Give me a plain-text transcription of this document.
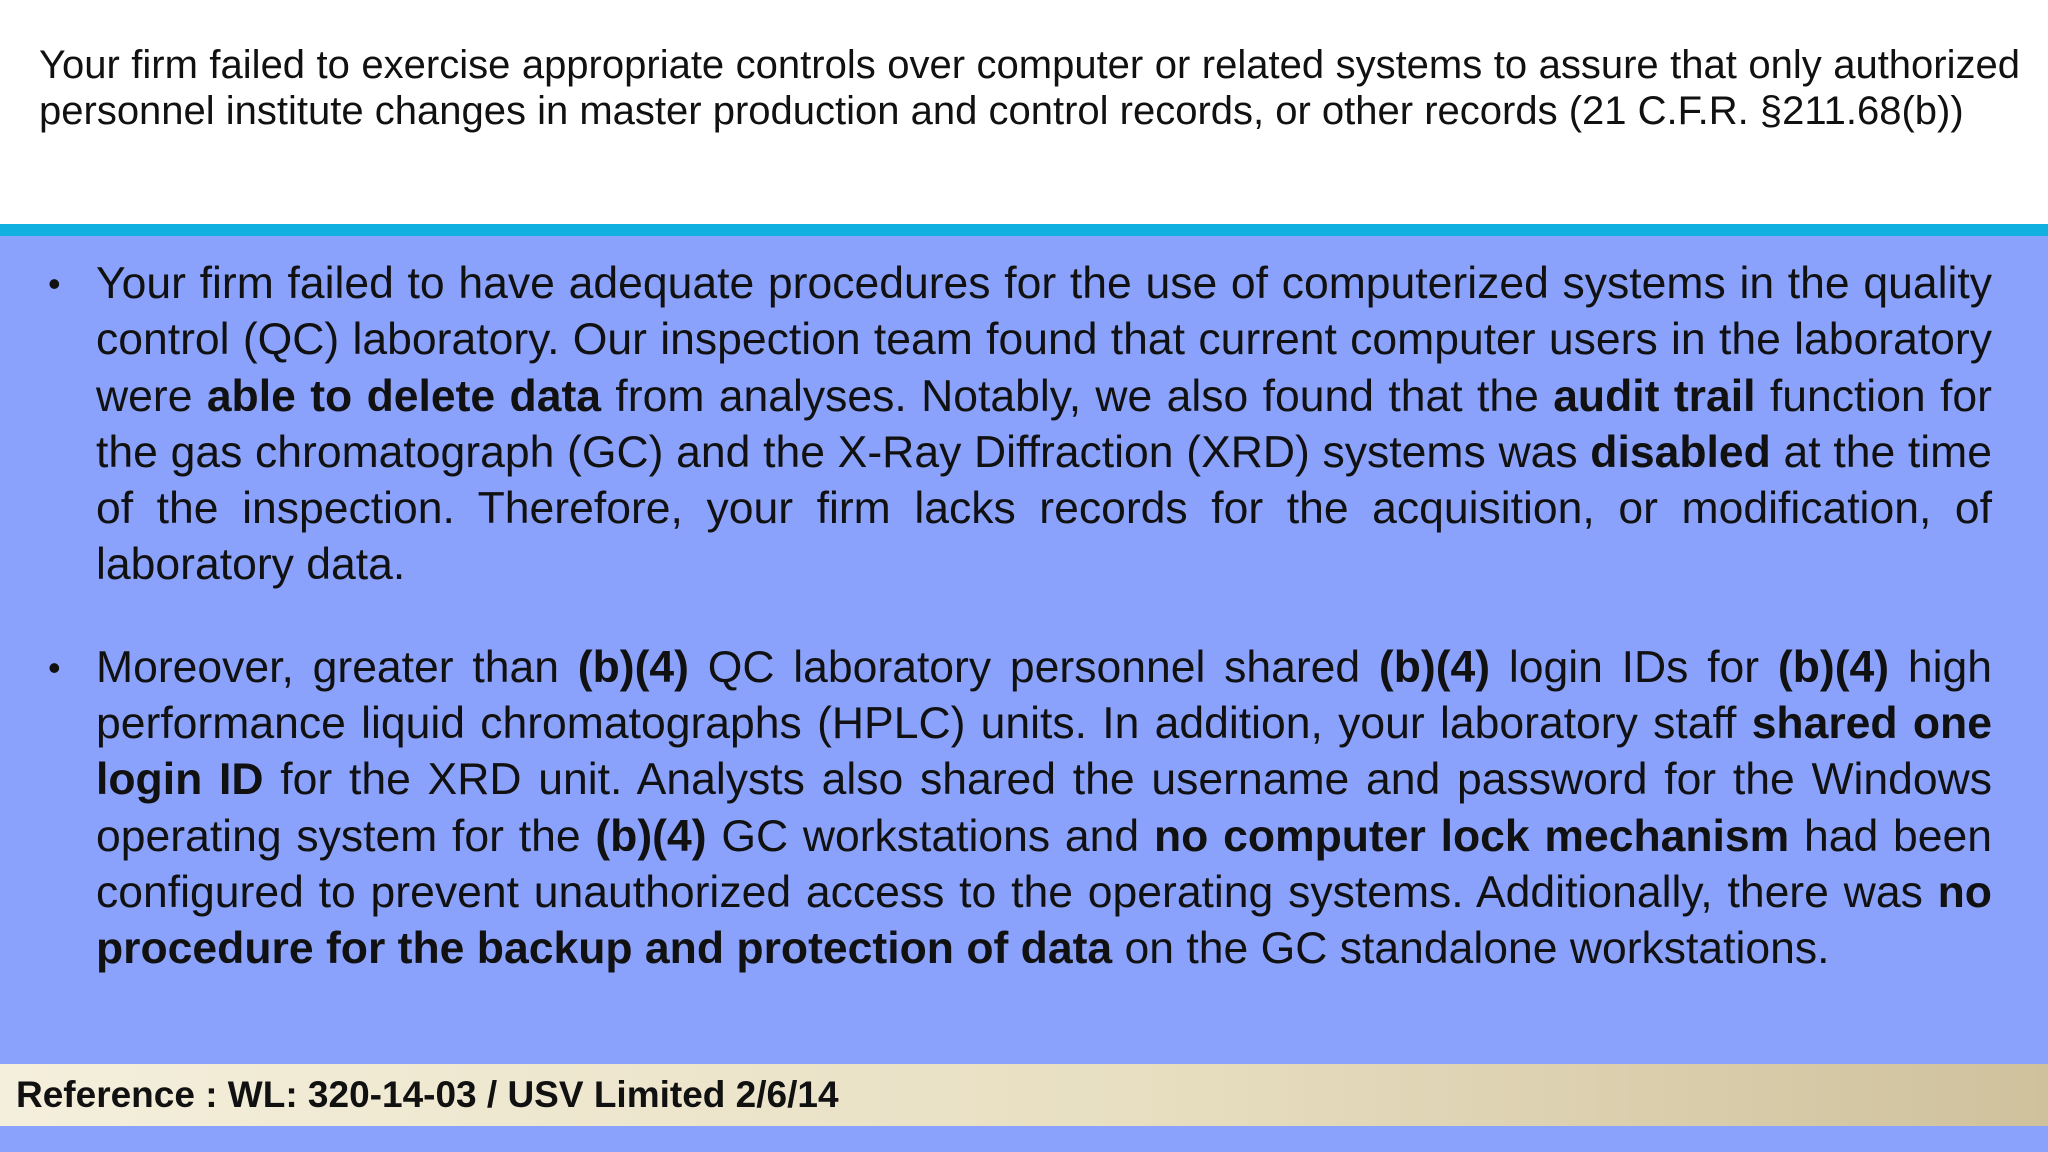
Your firm failed to exercise appropriate controls over computer or related systems to assure that only authorized personnel institute changes in master production and control records, or other records (21 C.F.R. §211.68(b))

• Your firm failed to have adequate procedures for the use of computerized systems in the quality control (QC) laboratory. Our inspection team found that current computer users in the laboratory were able to delete data from analyses. Notably, we also found that the audit trail function for the gas chromatograph (GC) and the X-Ray Diffraction (XRD) systems was disabled at the time of the inspection. Therefore, your firm lacks records for the acquisition, or modification, of laboratory data.
• Moreover, greater than (b)(4) QC laboratory personnel shared (b)(4) login IDs for (b)(4) high performance liquid chromatographs (HPLC) units. In addition, your laboratory staff shared one login ID for the XRD unit. Analysts also shared the username and password for the Windows operating system for the (b)(4) GC workstations and no computer lock mechanism had been configured to prevent unauthorized access to the operating systems. Additionally, there was no procedure for the backup and protection of data on the GC standalone workstations.
Reference : WL: 320-14-03 / USV Limited 2/6/14
